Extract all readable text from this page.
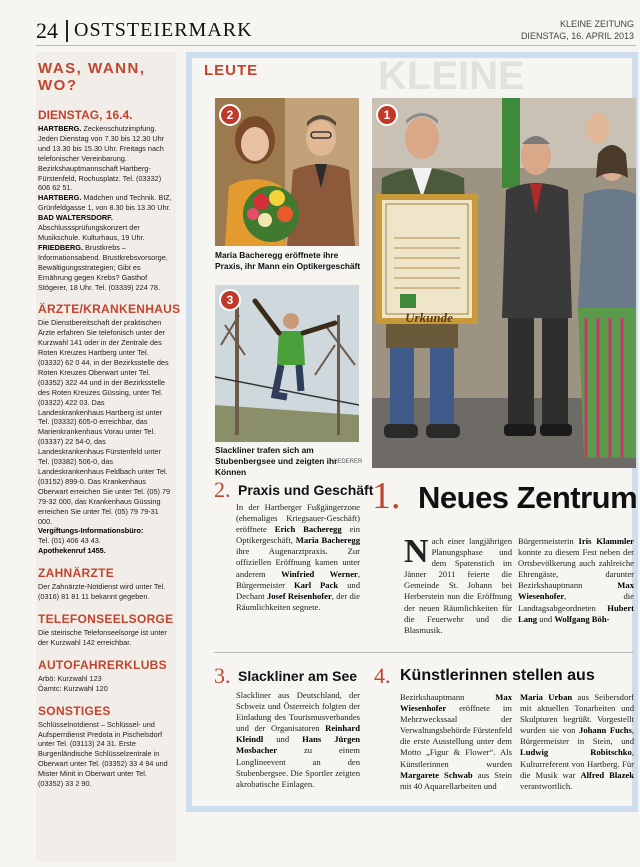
24 OSTSTEIERMARK	KLEINE ZEITUNG
DIENSTAG, 16. APRIL 2013
WAS, WANN, WO?
DIENSTAG, 16.4.

HARTBERG. Zeckenschutzimpfung. Jeden Dienstag von 7.30 bis 12.30 Uhr und 13.30 bis 15.30 Uhr. Freitags nach telefonischer Vereinbarung. Bezirkshauptmannschaft Hartberg-Fürstenfeld, Rochusplatz. Tel. (03332) 606 62 51.

HARTBERG. Mädchen und Technik. BIZ, Grünfeldgasse 1, von 8.30 bis 13.30 Uhr.

BAD WALTERSDORF. Abschlusssprüfungskonzert der Musikschule. Kulturhaus, 19 Uhr.

FRIEDBERG. Brustkrebs – Informationsabend. Brustkrebsvorsorge, Bewältigungsstrategien; Gibt es Ernährung gegen Krebs? Gasthof Stögerer, 18 Uhr. Tel. (03339) 224 78.

ÄRZTE/KRANKENHAUS

Die Dienstbereitschaft der praktischen Ärzte erfahren Sie telefonisch unter der Kurzwahl 141 oder in der Zentrale des Roten Kreuzes Hartberg unter Tel. (03332) 62 0 44, in der Bezirksstelle des Roten Kreuzes Oberwart unter Tel. (03352) 322 44 und in der Bezirksstelle des Roten Kreuzes Güssing, unter Tel. (03322) 422 03. Das Landeskrankenhaus Hartberg ist unter Tel. (03332) 605-0 erreichbar, das Marienkrankenhaus Vorau unter Tel. (03337) 22 54-0, das Landeskrankenhaus Fürstenfeld unter Tel. (03382) 506-0, das Landeskrankenhaus Feldbach unter Tel. (03152) 899-0. Das Krankenhaus Oberwart erreichen Sie unter Tel. (05) 79 79-32 000, das Krankenhaus Güssing erreichen Sie unter Tel. (05) 79 79-31 000.

Vergiftungs-Informationsbüro:

Tel. (01) 406 43 43.

Apothekenruf 1455.

ZAHNÄRZTE

Der Zahnärzte-Notdienst wird unter Tel. (0316) 81 81 11 bekannt gegeben.

TELEFONSEELSORGE

Die steirische Telefonseelsorge ist unter der Kurzwahl 142 erreichbar.

AUTOFAHRERKLUBS

Arbö: Kurzwahl 123

Öamtc: Kurzwahl 120

SONSTIGES

Schlüsselnotdienst – Schlüssel- und Aufsperrdienst Predota in Pischelsdorf unter Tel. (03113) 24 31. Erste Burgenländische Schlüsselzentrale in Oberwart unter Tel. (03352) 33 4 94 und Mister Minit in Oberwart unter Tel. (03352) 33 2 90.

KLEINE
LEUTE
2
Maria Bacheregg eröffnete ihre Praxis, ihr Mann ein Optikergeschäft
3
Slackliner trafen sich am Stubenbergsee und zeigten ihr Können
LEDERER
1
Urkunde
2. Praxis und Geschäft
In der Hartberger Fußgängerzone (ehemaliges Kriegsauer-Geschäft) eröffnete Erich Bacheregg ein Optikergeschäft, Maria Bacheregg ihre Augenarztpraxis. Zur offiziellen Eröffnung kamen unter anderem Winfried Werner, Bürgermeister Karl Pack und Dechant Josef Reisenhofer, der die Räumlichkeiten segnete.
1. Neues Zentrum
Nach einer langjährigen Planungsphase und dem Spatenstich im Jänner 2011 feierte die Gemeinde St. Johann bei Herberstein nun die Eröffnung der neuen Räumlichkeiten für die Feuerwehr und die Blasmusik.
Bürgermeisterin Iris Klammler konnte zu diesem Fest neben der Ortsbevölkerung auch zahlreiche Ehrengäste, darunter Bezirkshauptmann	Max Wiesenhofer, die Landtagsabgeordneten Hubert Lang und Wolfgang Böh-
3. Slackliner am See
Slackliner aus Deutschland, der Schweiz und Österreich folgten der Einladung des Tourismusverbandes und der Organisatoren Reinhard Kleindl und Hans Jürgen Mosbacher	zu einem Longlineevent an den Stubenbergsee. Die Sportler zeigten akrobatische Einlagen.
4. Künstlerinnen stellen aus
Bezirkshauptmann	Max Wiesenhofer eröffnete im Mehrzweckssaal der Verwaltungsbehörde Fürstenfeld die erste Ausstellung unter dem Motto „Figur & Flower“. Als Künstlerinnen wurden Margarete Schwab aus Stein mit 40 Aquarellarbeiten und
Maria Urban aus Seibersdorf mit aktuellen Tonarbeiten und Skulpturen begrüßt. Vorgestellt wurden sie von Johann Fuchs, Bürgermeister in Stein, und Ludwig Robitschko, Kulturreferent von Hartberg. Für die Musik war Alfred Blazek verantwortlich.
